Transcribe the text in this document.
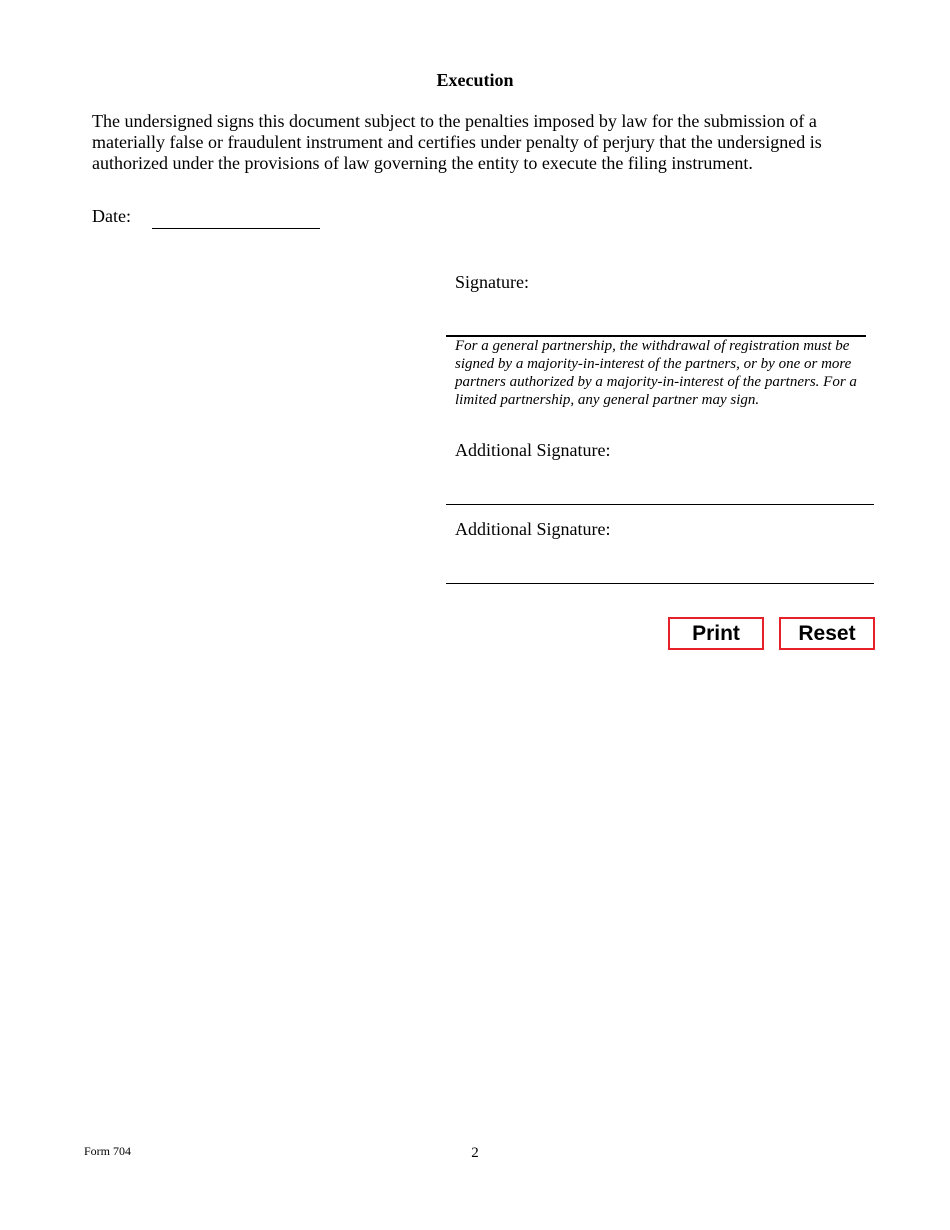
Execution
The undersigned signs this document subject to the penalties imposed by law for the submission of a materially false or fraudulent instrument and certifies under penalty of perjury that the undersigned is authorized under the provisions of law governing the entity to execute the filing instrument.
Date:
Signature:
For a general partnership, the withdrawal of registration must be signed by a majority-in-interest of the partners, or by one or more partners authorized by a majority-in-interest of the partners. For a limited partnership, any general partner may sign.
Additional Signature:
Additional Signature:
Print	Reset
Form 704	2
